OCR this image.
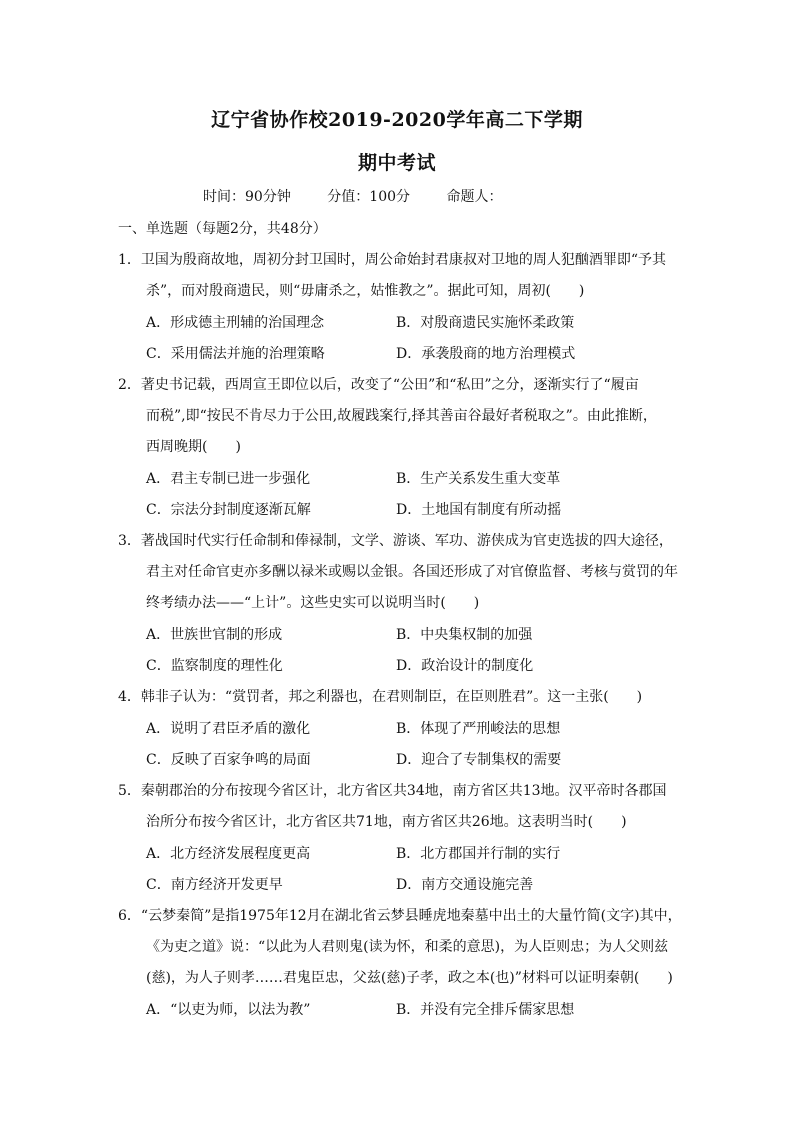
辽宁省协作校2019-2020学年高二下学期
期中考试
时间：90分钟	分值：100分	命题人：
一、单选题（每题2分，共48分）
1．卫国为殷商故地，周初分封卫国时，周公命始封君康叔对卫地的周人犯酗酒罪即“予其
杀”，而对殷商遗民，则“毋庸杀之，姑惟教之”。据此可知，周初(　　)
A．形成德主刑辅的治国理念	B．对殷商遗民实施怀柔政策
C．采用儒法并施的治理策略	D．承袭殷商的地方治理模式
2．著史书记载，西周宣王即位以后，改变了“公田”和“私田”之分，逐渐实行了“履亩
而税”,即“按民不肯尽力于公田,故履践案行,择其善亩谷最好者税取之”。由此推断，
西周晚期(　　)
A．君主专制已进一步强化	B．生产关系发生重大变革
C．宗法分封制度逐渐瓦解	D．土地国有制度有所动摇
3．著战国时代实行任命制和俸禄制，文学、游谈、军功、游侠成为官吏选拔的四大途径，
君主对任命官吏亦多酬以禄米或赐以金银。各国还形成了对官僚监督、考核与赏罚的年
终考绩办法——“上计”。这些史实可以说明当时(　　)
A．世族世官制的形成	B．中央集权制的加强
C．监察制度的理性化	D．政治设计的制度化
4．韩非子认为：“赏罚者，邦之利器也，在君则制臣，在臣则胜君”。这一主张(　　)
A．说明了君臣矛盾的激化	B．体现了严刑峻法的思想
C．反映了百家争鸣的局面	D．迎合了专制集权的需要
5．秦朝郡治的分布按现今省区计，北方省区共34地，南方省区共13地。汉平帝时各郡国
治所分布按今省区计，北方省区共71地，南方省区共26地。这表明当时(　　)
A．北方经济发展程度更高	B．北方郡国并行制的实行
C．南方经济开发更早	D．南方交通设施完善
6．“云梦秦简”是指1975年12月在湖北省云梦县睡虎地秦墓中出土的大量竹简(文字)其中，
《为吏之道》说：“以此为人君则鬼(读为怀，和柔的意思)，为人臣则忠；为人父则兹
(慈)，为人子则孝……君鬼臣忠，父兹(慈)子孝，政之本(也)”材料可以证明秦朝(　　)
A．“以吏为师，以法为教”	B．并没有完全排斥儒家思想
